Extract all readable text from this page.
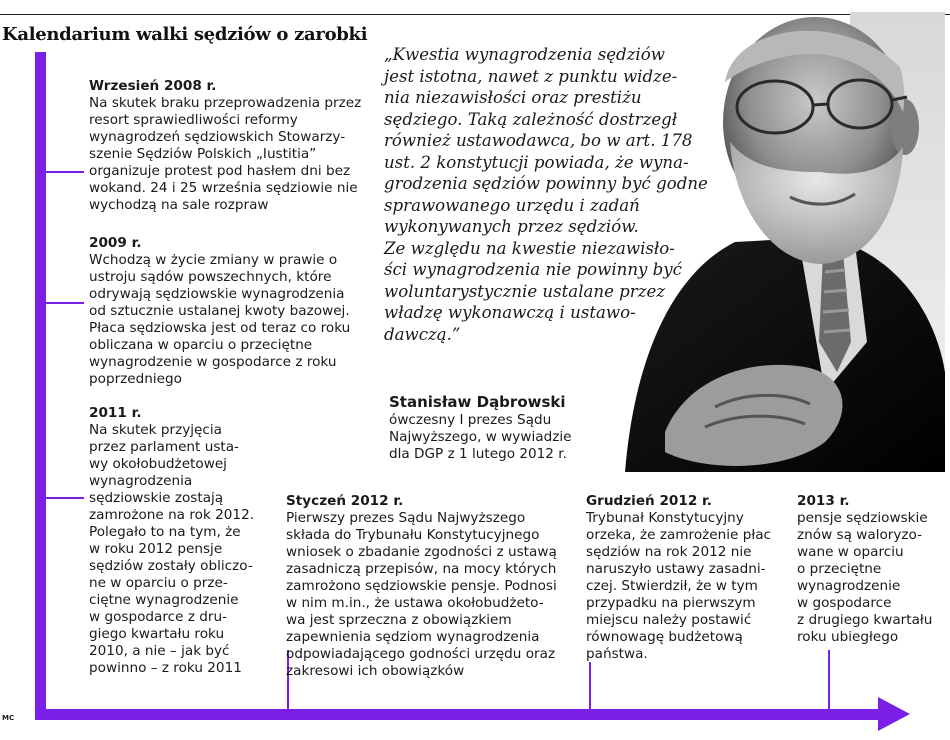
Kalendarium walki sędziów o zarobki
Wrzesień 2008 r.
Na skutek braku przeprowadzenia przez
resort sprawiedliwości reformy
wynagrodzeń sędziowskich Stowarzy-
szenie Sędziów Polskich „Iustitia”
organizuje protest pod hasłem dni bez
wokand. 24 i 25 września sędziowie nie
wychodzą na sale rozpraw
2009 r.
Wchodzą w życie zmiany w prawie o
ustroju sądów powszechnych, które
odrywają sędziowskie wynagrodzenia
od sztucznie ustalanej kwoty bazowej.
Płaca sędziowska jest od teraz co roku
obliczana w oparciu o przeciętne
wynagrodzenie w gospodarce z roku
poprzedniego
2011 r.
Na skutek przyjęcia
przez parlament usta-
wy okołobudżetowej
wynagrodzenia
sędziowskie zostają
zamrożone na rok 2012.
Polegało to na tym, że
w roku 2012 pensje
sędziów zostały obliczo-
ne w oparciu o prze-
ciętne wynagrodzenie
w gospodarce z dru-
giego kwartału roku
2010, a nie – jak być
powinno – z roku 2011
Styczeń 2012 r.
Pierwszy prezes Sądu Najwyższego
składa do Trybunału Konstytucyjnego
wniosek o zbadanie zgodności z ustawą
zasadniczą przepisów, na mocy których
zamrożono sędziowskie pensje. Podnosi
w nim m.in., że ustawa okołobudżeto-
wa jest sprzeczna z obowiązkiem
zapewnienia sędziom wynagrodzenia
odpowiadającego godności urzędu oraz
zakresowi ich obowiązków
Grudzień 2012 r.
Trybunał Konstytucyjny
orzeka, że zamrożenie płac
sędziów na rok 2012 nie
naruszyło ustawy zasadni-
czej. Stwierdził, że w tym
przypadku na pierwszym
miejscu należy postawić
równowagę budżetową
państwa.
2013 r.
pensje sędziowskie
znów są waloryzo-
wane w oparciu
o przeciętne
wynagrodzenie
w gospodarce
z drugiego kwartału
roku ubiegłego
„Kwestia wynagrodzenia sędziów
jest istotna, nawet z punktu widze-
nia niezawisłości oraz prestiżu
sędziego. Taką zależność dostrzegł
również ustawodawca, bo w art. 178
ust. 2 konstytucji powiada, że wyna-
grodzenia sędziów powinny być godne
sprawowanego urzędu i zadań
wykonywanych przez sędziów.
Ze względu na kwestie niezawisło-
ści wynagrodzenia nie powinny być
woluntarystycznie ustalane przez
władzę wykonawczą i ustawo-
dawczą.”
Stanisław Dąbrowski
ówczesny I prezes Sądu
Najwyższego, w wywiadzie
dla DGP z 1 lutego 2012 r.
MC
